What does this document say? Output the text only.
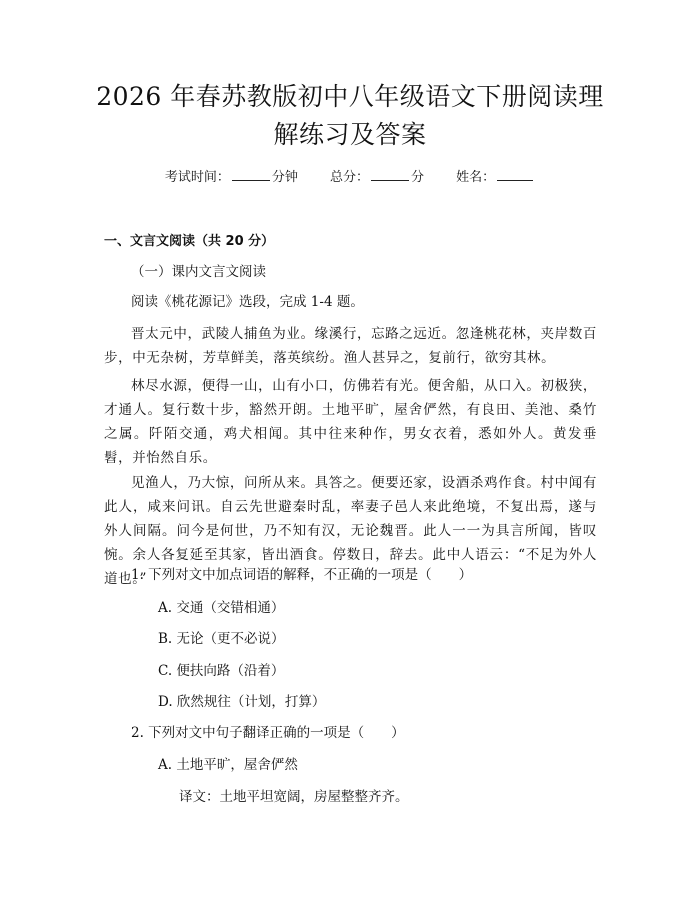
2026 年春苏教版初中八年级语文下册阅读理
解练习及答案
考试时间：	分钟 总分：	分 姓名：
一、文言文阅读（共 20 分）
（一）课内文言文阅读
阅读《桃花源记》选段，完成 1-4 题。
晋太元中，武陵人捕鱼为业。缘溪行，忘路之远近。忽逢桃花林，夹岸数百步，中无杂树，芳草鲜美，落英缤纷。渔人甚异之，复前行，欲穷其林。
林尽水源，便得一山，山有小口，仿佛若有光。便舍船，从口入。初极狭，才通人。复行数十步，豁然开朗。土地平旷，屋舍俨然，有良田、美池、桑竹之属。阡陌交通，鸡犬相闻。其中往来种作，男女衣着，悉如外人。黄发垂髫，并怡然自乐。
见渔人，乃大惊，问所从来。具答之。便要还家，设酒杀鸡作食。村中闻有此人，咸来问讯。自云先世避秦时乱，率妻子邑人来此绝境，不复出焉，遂与外人间隔。问今是何世，乃不知有汉，无论魏晋。此人一一为具言所闻，皆叹惋。余人各复延至其家，皆出酒食。停数日，辞去。此中人语云：“不足为外人道也。”
1. 下列对文中加点词语的解释，不正确的一项是（　　）
A. 交通（交错相通）
B. 无论（更不必说）
C. 便扶向路（沿着）
D. 欣然规往（计划，打算）
2. 下列对文中句子翻译正确的一项是（　　）
A. 土地平旷，屋舍俨然
译文：土地平坦宽阔，房屋整整齐齐。
